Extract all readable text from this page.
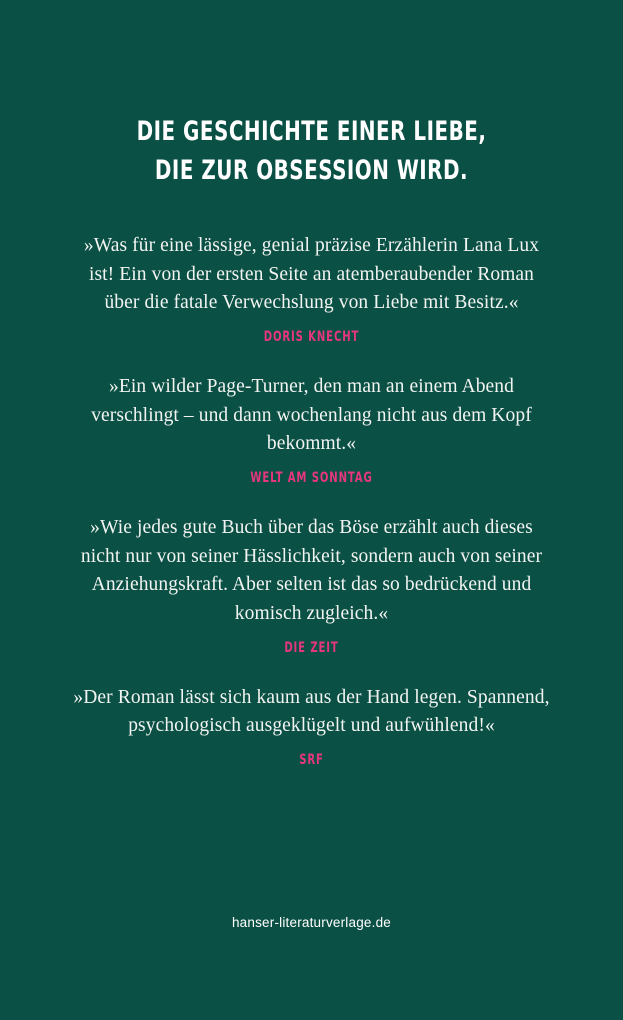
DIE GESCHICHTE EINER LIEBE,
DIE ZUR OBSESSION WIRD.
»Was für eine lässige, genial präzise Erzählerin Lana Lux ist! Ein von der ersten Seite an atemberaubender Roman über die fatale Verwechslung von Liebe mit Besitz.«
DORIS KNECHT
»Ein wilder Page-Turner, den man an einem Abend verschlingt – und dann wochenlang nicht aus dem Kopf bekommt.«
WELT AM SONNTAG
»Wie jedes gute Buch über das Böse erzählt auch dieses nicht nur von seiner Hässlichkeit, sondern auch von seiner Anziehungskraft. Aber selten ist das so bedrückend und komisch zugleich.«
DIE ZEIT
»Der Roman lässt sich kaum aus der Hand legen. Spannend, psychologisch ausgeklügelt und aufwühlend!«
SRF
hanser-literaturverlage.de
